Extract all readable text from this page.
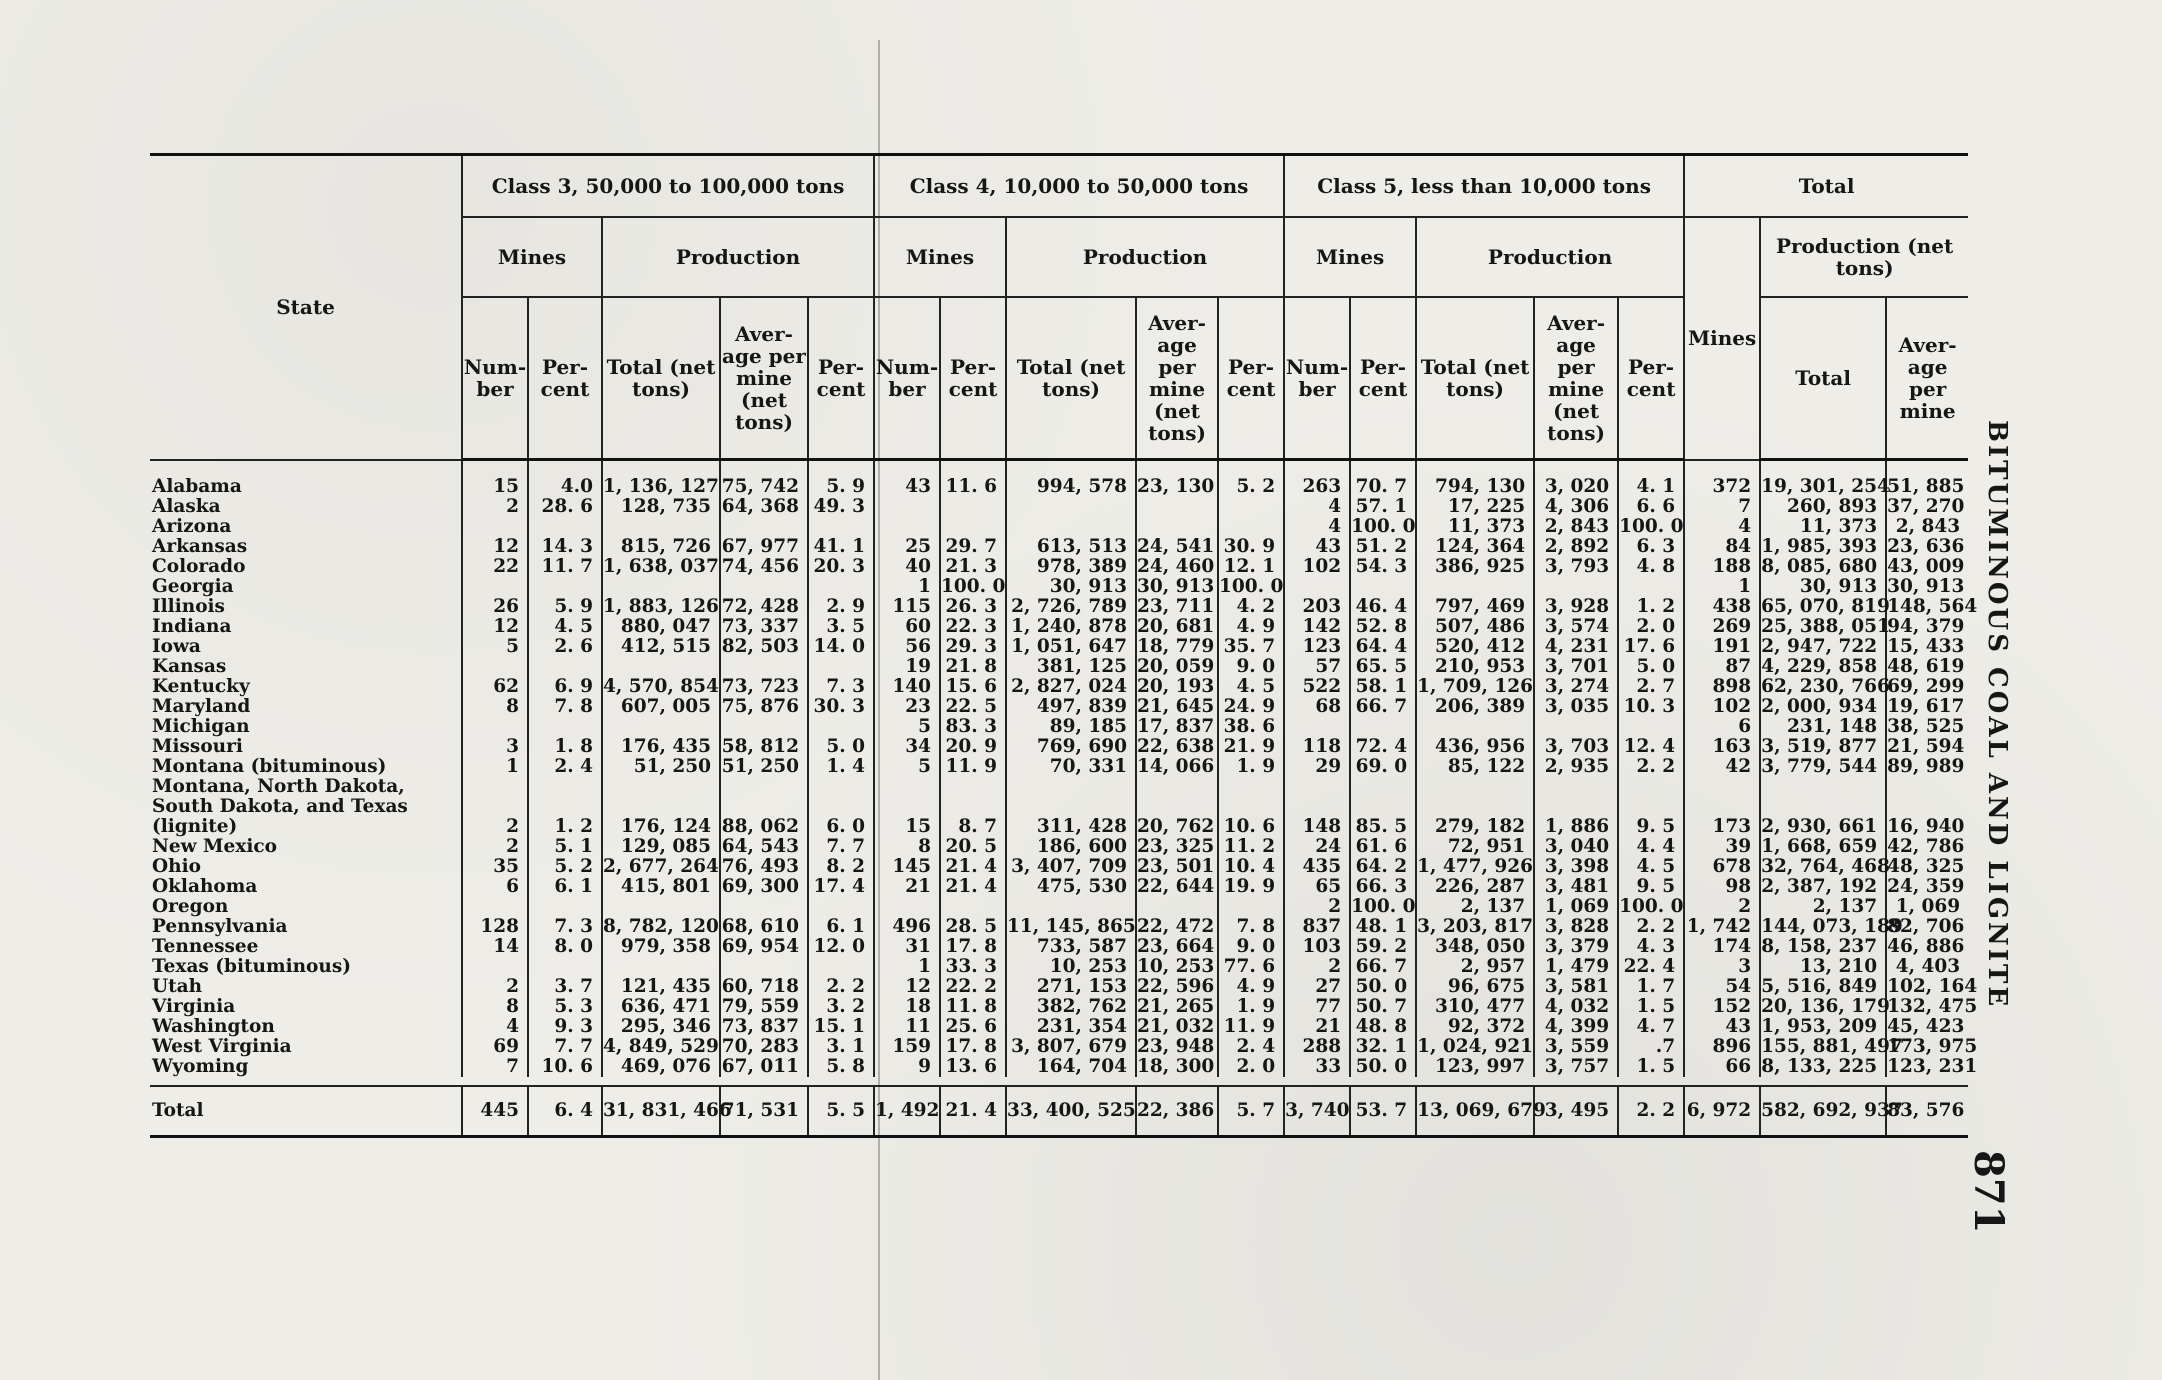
State	Class 3, 50,000 to 100,000 tons					Class 4, 10,000 to 50,000 tons					Class 5, less than 10,000 tons					Total		
	Mines		Production			Mines		Production			Mines		Production			Mines	Production (net tons)	
	Num- ber	Per- cent	Total (net tons)	Aver- age per mine (net tons)	Per- cent	Num- ber	Per- cent	Total (net tons)	Aver- age per mine (net tons)	Per- cent	Num- ber	Per- cent	Total (net tons)	Aver- age per mine (net tons)	Per- cent		Total	Aver- age per mine
Alabama	15	4.0	1, 136, 127	75, 742	5. 9	43	11. 6	994, 578	23, 130	5. 2	263	70. 7	794, 130	3, 020	4. 1	372	19, 301, 254	51, 885
Alaska	2	28. 6	128, 735	64, 368	49. 3						4	57. 1	17, 225	4, 306	6. 6	7	260, 893	37, 270
Arizona											4	100. 0	11, 373	2, 843	100. 0	4	11, 373	2, 843
Arkansas	12	14. 3	815, 726	67, 977	41. 1	25	29. 7	613, 513	24, 541	30. 9	43	51. 2	124, 364	2, 892	6. 3	84	1, 985, 393	23, 636
Colorado	22	11. 7	1, 638, 037	74, 456	20. 3	40	21. 3	978, 389	24, 460	12. 1	102	54. 3	386, 925	3, 793	4. 8	188	8, 085, 680	43, 009
Georgia						1	100. 0	30, 913	30, 913	100. 0						1	30, 913	30, 913
Illinois	26	5. 9	1, 883, 126	72, 428	2. 9	115	26. 3	2, 726, 789	23, 711	4. 2	203	46. 4	797, 469	3, 928	1. 2	438	65, 070, 819	148, 564
Indiana	12	4. 5	880, 047	73, 337	3. 5	60	22. 3	1, 240, 878	20, 681	4. 9	142	52. 8	507, 486	3, 574	2. 0	269	25, 388, 051	94, 379
Iowa	5	2. 6	412, 515	82, 503	14. 0	56	29. 3	1, 051, 647	18, 779	35. 7	123	64. 4	520, 412	4, 231	17. 6	191	2, 947, 722	15, 433
Kansas						19	21. 8	381, 125	20, 059	9. 0	57	65. 5	210, 953	3, 701	5. 0	87	4, 229, 858	48, 619
Kentucky	62	6. 9	4, 570, 854	73, 723	7. 3	140	15. 6	2, 827, 024	20, 193	4. 5	522	58. 1	1, 709, 126	3, 274	2. 7	898	62, 230, 766	69, 299
Maryland	8	7. 8	607, 005	75, 876	30. 3	23	22. 5	497, 839	21, 645	24. 9	68	66. 7	206, 389	3, 035	10. 3	102	2, 000, 934	19, 617
Michigan						5	83. 3	89, 185	17, 837	38. 6						6	231, 148	38, 525
Missouri	3	1. 8	176, 435	58, 812	5. 0	34	20. 9	769, 690	22, 638	21. 9	118	72. 4	436, 956	3, 703	12. 4	163	3, 519, 877	21, 594
Montana (bituminous)	1	2. 4	51, 250	51, 250	1. 4	5	11. 9	70, 331	14, 066	1. 9	29	69. 0	85, 122	2, 935	2. 2	42	3, 779, 544	89, 989
Montana, North Dakota, South Dakota, and Texas (lignite)	2	1. 2	176, 124	88, 062	6. 0	15	8. 7	311, 428	20, 762	10. 6	148	85. 5	279, 182	1, 886	9. 5	173	2, 930, 661	16, 940
New Mexico	2	5. 1	129, 085	64, 543	7. 7	8	20. 5	186, 600	23, 325	11. 2	24	61. 6	72, 951	3, 040	4. 4	39	1, 668, 659	42, 786
Ohio	35	5. 2	2, 677, 264	76, 493	8. 2	145	21. 4	3, 407, 709	23, 501	10. 4	435	64. 2	1, 477, 926	3, 398	4. 5	678	32, 764, 468	48, 325
Oklahoma	6	6. 1	415, 801	69, 300	17. 4	21	21. 4	475, 530	22, 644	19. 9	65	66. 3	226, 287	3, 481	9. 5	98	2, 387, 192	24, 359
Oregon											2	100. 0	2, 137	1, 069	100. 0	2	2, 137	1, 069
Pennsylvania	128	7. 3	8, 782, 120	68, 610	6. 1	496	28. 5	11, 145, 865	22, 472	7. 8	837	48. 1	3, 203, 817	3, 828	2. 2	1, 742	144, 073, 189	82, 706
Tennessee	14	8. 0	979, 358	69, 954	12. 0	31	17. 8	733, 587	23, 664	9. 0	103	59. 2	348, 050	3, 379	4. 3	174	8, 158, 237	46, 886
Texas (bituminous)						1	33. 3	10, 253	10, 253	77. 6	2	66. 7	2, 957	1, 479	22. 4	3	13, 210	4, 403
Utah	2	3. 7	121, 435	60, 718	2. 2	12	22. 2	271, 153	22, 596	4. 9	27	50. 0	96, 675	3, 581	1. 7	54	5, 516, 849	102, 164
Virginia	8	5. 3	636, 471	79, 559	3. 2	18	11. 8	382, 762	21, 265	1. 9	77	50. 7	310, 477	4, 032	1. 5	152	20, 136, 179	132, 475
Washington	4	9. 3	295, 346	73, 837	15. 1	11	25. 6	231, 354	21, 032	11. 9	21	48. 8	92, 372	4, 399	4. 7	43	1, 953, 209	45, 423
West Virginia	69	7. 7	4, 849, 529	70, 283	3. 1	159	17. 8	3, 807, 679	23, 948	2. 4	288	32. 1	1, 024, 921	3, 559	.7	896	155, 881, 497	173, 975
Wyoming	7	10. 6	469, 076	67, 011	5. 8	9	13. 6	164, 704	18, 300	2. 0	33	50. 0	123, 997	3, 757	1. 5	66	8, 133, 225	123, 231

Total	445	6. 4	31, 831, 466	71, 531	5. 5	1, 492	21. 4	33, 400, 525	22, 386	5. 7	3, 740	53. 7	13, 069, 679	3, 495	2. 2	6, 972	582, 692, 937	83, 576
BITUMINOUS COAL AND LIGNITE
871
